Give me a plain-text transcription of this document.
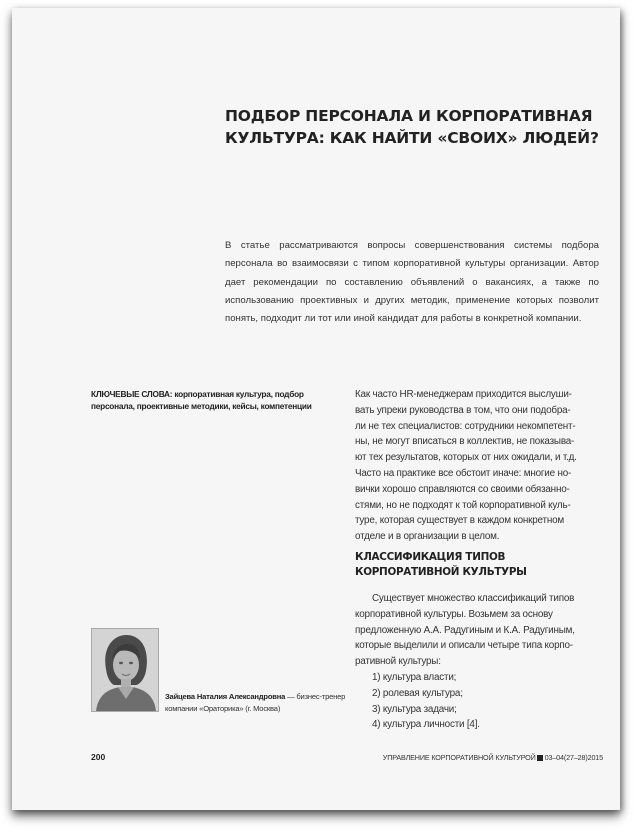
ПОДБОР ПЕРСОНАЛА И КОРПОРАТИВНАЯ
КУЛЬТУРА: КАК НАЙТИ «СВОИХ» ЛЮДЕЙ?

В статье рассматриваются вопросы совершенствования системы подбора персонала во взаимосвязи с типом корпоративной культуры организации. Автор дает рекомендации по составлению объявлений о вакансиях, а также по использованию проективных и других методик, применение которых позволит понять, подходит ли тот или иной кандидат для работы в конкретной компании.

КЛЮЧЕВЫЕ СЛОВА: корпоративная культура, подбор персонала, проективные методики, кейсы, компетенции

Как часто HR-менеджерам приходится выслуши-
вать упреки руководства в том, что они подобра-
ли не тех специалистов: сотрудники некомпетент-
ны, не могут вписаться в коллектив, не показыва-
ют тех результатов, которых от них ожидали, и т.д.
Часто на практике все обстоит иначе: многие но-
вички хорошо справляются со своими обязанно-
стями, но не подходят к той корпоративной куль-
туре, которая существует в каждом конкретном
отделе и в организации в целом.

КЛАССИФИКАЦИЯ ТИПОВ
КОРПОРАТИВНОЙ КУЛЬТУРЫ
Существует множество классификаций типов
корпоративной культуры. Возьмем за основу
предложенную А.А. Радугиным и К.А. Радугиным,
которые выделили и описали четыре типа корпо-
ративной культуры:
1) культура власти;
2) ролевая культура;
3) культура задачи;
4) культура личности [4].

Зайцева Наталия Александровна — бизнес-тренер
компании «Ораторика» (г. Москва)

200	УПРАВЛЕНИЕ КОРПОРАТИВНОЙ КУЛЬТУРОЙ 03–04(27–28)2015
